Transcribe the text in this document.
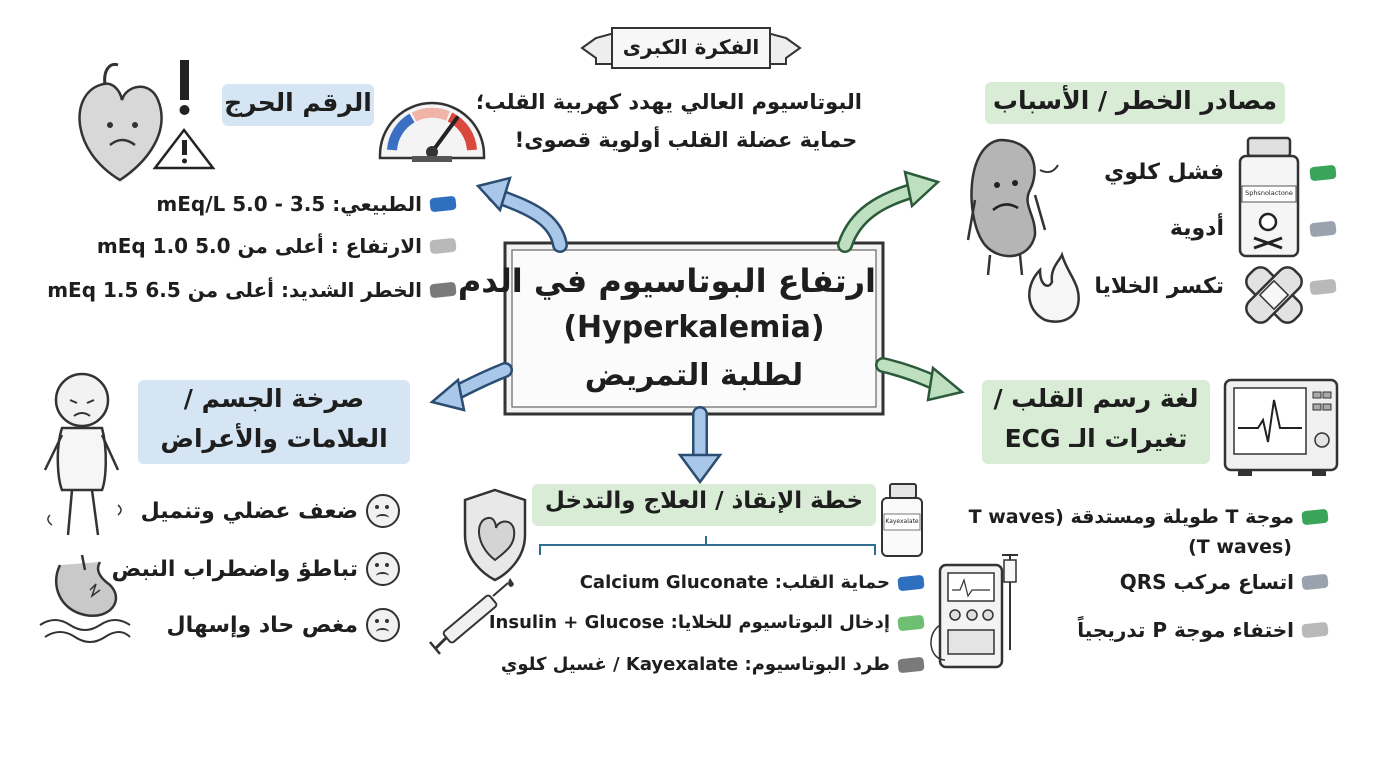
الفكرة الكبرى
البوتاسيوم العالي يهدد كهربية القلب؛
حماية عضلة القلب أولوية قصوى!
ارتفاع البوتاسيوم في الدم
(Hyperkalemia)
لطلبة التمريض
الرقم الحرج
الطبيعي: 3.5 - 5.0 mEq/L
الارتفاع : أعلى من 5.0 mEq 1.0
الخطر الشديد: أعلى من 6.5 mEq 1.5
مصادر الخطر / الأسباب
فشل كلوي
أدوية
تكسر الخلايا
Sphsnolactone
صرخة الجسم /
العلامات والأعراض
ضعف عضلي وتنميل
تباطؤ واضطراب النبض
مغص حاد وإسهال
لغة رسم القلب /
تغيرات الـ ECG
موجة T طويلة ومستدقة (T waves
(T waves)
اتساع مركب QRS
اختفاء موجة P تدريجياً
خطة الإنقاذ / العلاج والتدخل
Kayexalate
حماية القلب: Calcium Gluconate
إدخال البوتاسيوم للخلايا: Insulin + Glucose
طرد البوتاسيوم: Kayexalate / غسيل كلوي
